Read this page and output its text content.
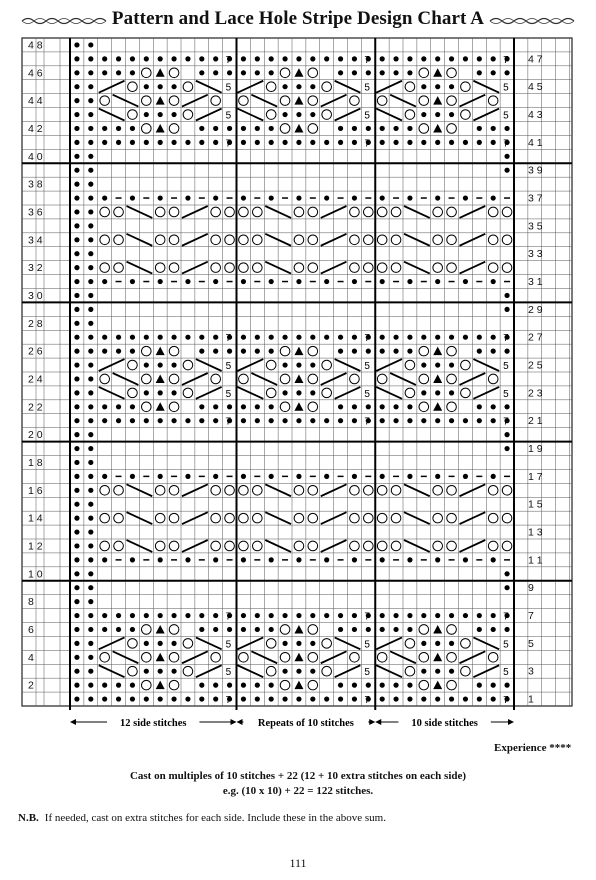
Pattern and Lace Hole Stripe Design Chart A
4 8
4 7
4 6
4 5
4 4
4 3
4 2
4 1
4 0
3 9
3 8
3 7
3 6
3 5
3 4
3 3
3 2
3 1
3 0
2 9
2 8
2 7
2 6
2 5
2 4
2 3
2 2
2 1
2 0
1 9
1 8
1 7
1 6
1 5
1 4
1 3
1 2
1 1
1 0
9
8
7
6
5
4
3
2
1
7
7
5
5
7
7
5
5
7
7
5
5
7
7
5
5
7
7
5
5
7
7
5
5
7
7
5
5
7
7
5
5
7
7
5
5
12 side stitches	Repeats of 10 stitches	10 side stitches
Experience ****
Cast on multiples of 10 stitches + 22 (12 + 10 extra stitches on each side)
e.g. (10 x 10) + 22 = 122 stitches.
N.B. If needed, cast on extra stitches for each side. Include these in the above sum.
111
